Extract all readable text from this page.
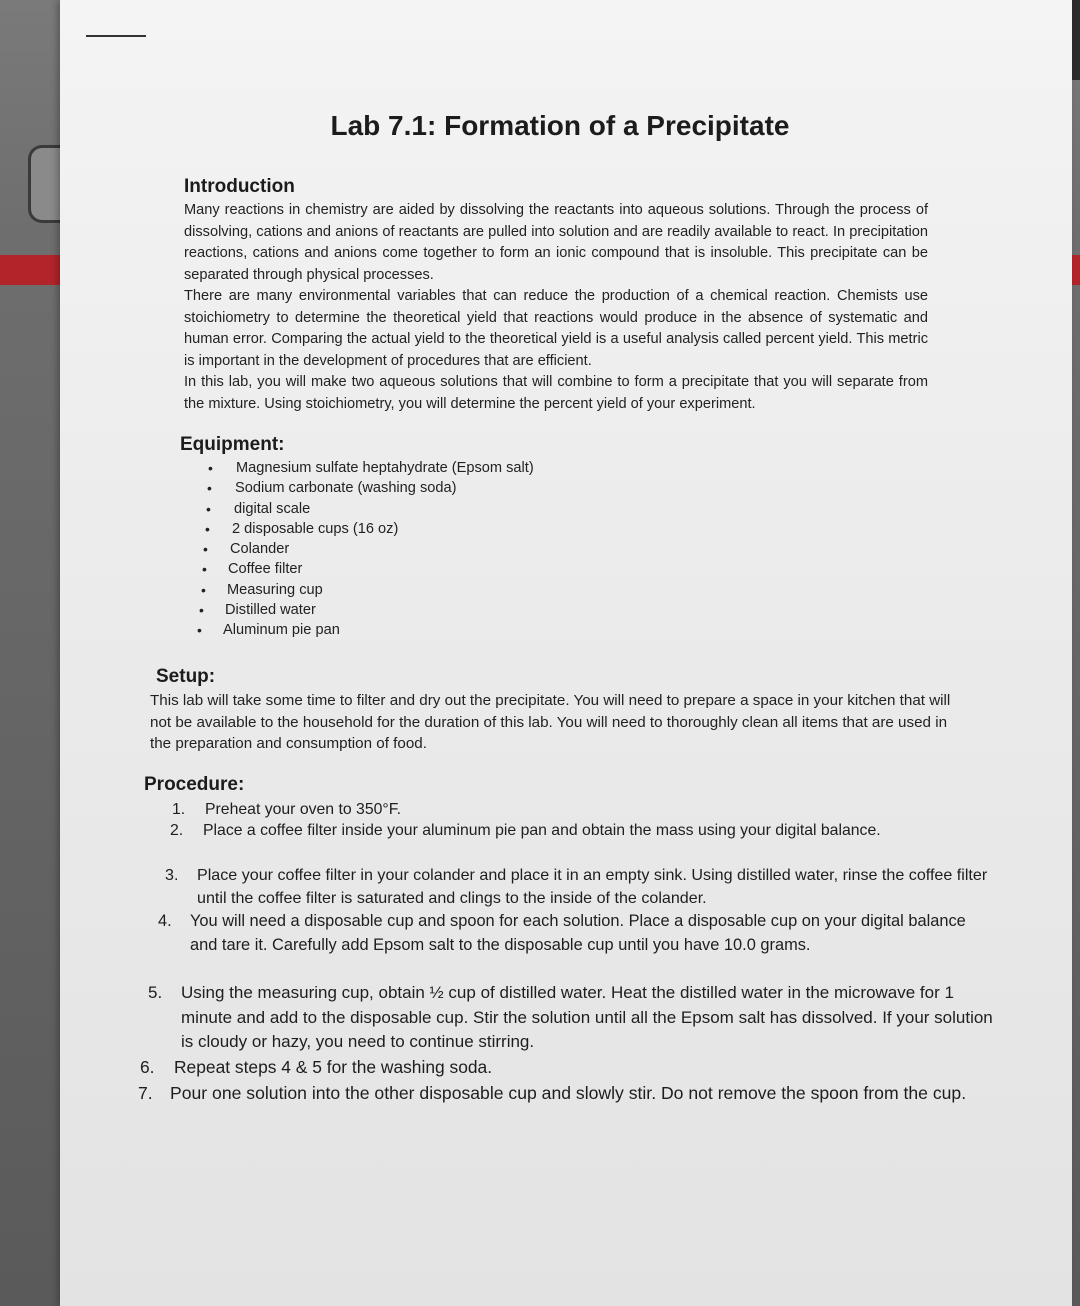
Lab 7.1: Formation of a Precipitate
Introduction

Many reactions in chemistry are aided by dissolving the reactants into aqueous solutions. Through the process of dissolving, cations and anions of reactants are pulled into solution and are readily available to react. In precipitation reactions, cations and anions come together to form an ionic compound that is insoluble. This precipitate can be separated through physical processes.

There are many environmental variables that can reduce the production of a chemical reaction. Chemists use stoichiometry to determine the theoretical yield that reactions would produce in the absence of systematic and human error. Comparing the actual yield to the theoretical yield is a useful analysis called percent yield. This metric is important in the development of procedures that are efficient.

In this lab, you will make two aqueous solutions that will combine to form a precipitate that you will separate from the mixture. Using stoichiometry, you will determine the percent yield of your experiment.

Equipment:
• Magnesium sulfate heptahydrate (Epsom salt)
• Sodium carbonate (washing soda)
• digital scale
• 2 disposable cups (16 oz)
• Colander
• Coffee filter
• Measuring cup
• Distilled water
• Aluminum pie pan
Setup:
This lab will take some time to filter and dry out the precipitate. You will need to prepare a space in your kitchen that will not be available to the household for the duration of this lab. You will need to thoroughly clean all items that are used in the preparation and consumption of food.
Procedure:
1. Preheat your oven to 350°F.
2. Place a coffee filter inside your aluminum pie pan and obtain the mass using your digital balance.
3. Place your coffee filter in your colander and place it in an empty sink. Using distilled water, rinse the coffee filter until the coffee filter is saturated and clings to the inside of the colander.
4. You will need a disposable cup and spoon for each solution. Place a disposable cup on your digital balance and tare it. Carefully add Epsom salt to the disposable cup until you have 10.0 grams.
5. Using the measuring cup, obtain ½ cup of distilled water. Heat the distilled water in the microwave for 1 minute and add to the disposable cup. Stir the solution until all the Epsom salt has dissolved. If your solution is cloudy or hazy, you need to continue stirring.
6. Repeat steps 4 & 5 for the washing soda.
7. Pour one solution into the other disposable cup and slowly stir. Do not remove the spoon from the cup.
